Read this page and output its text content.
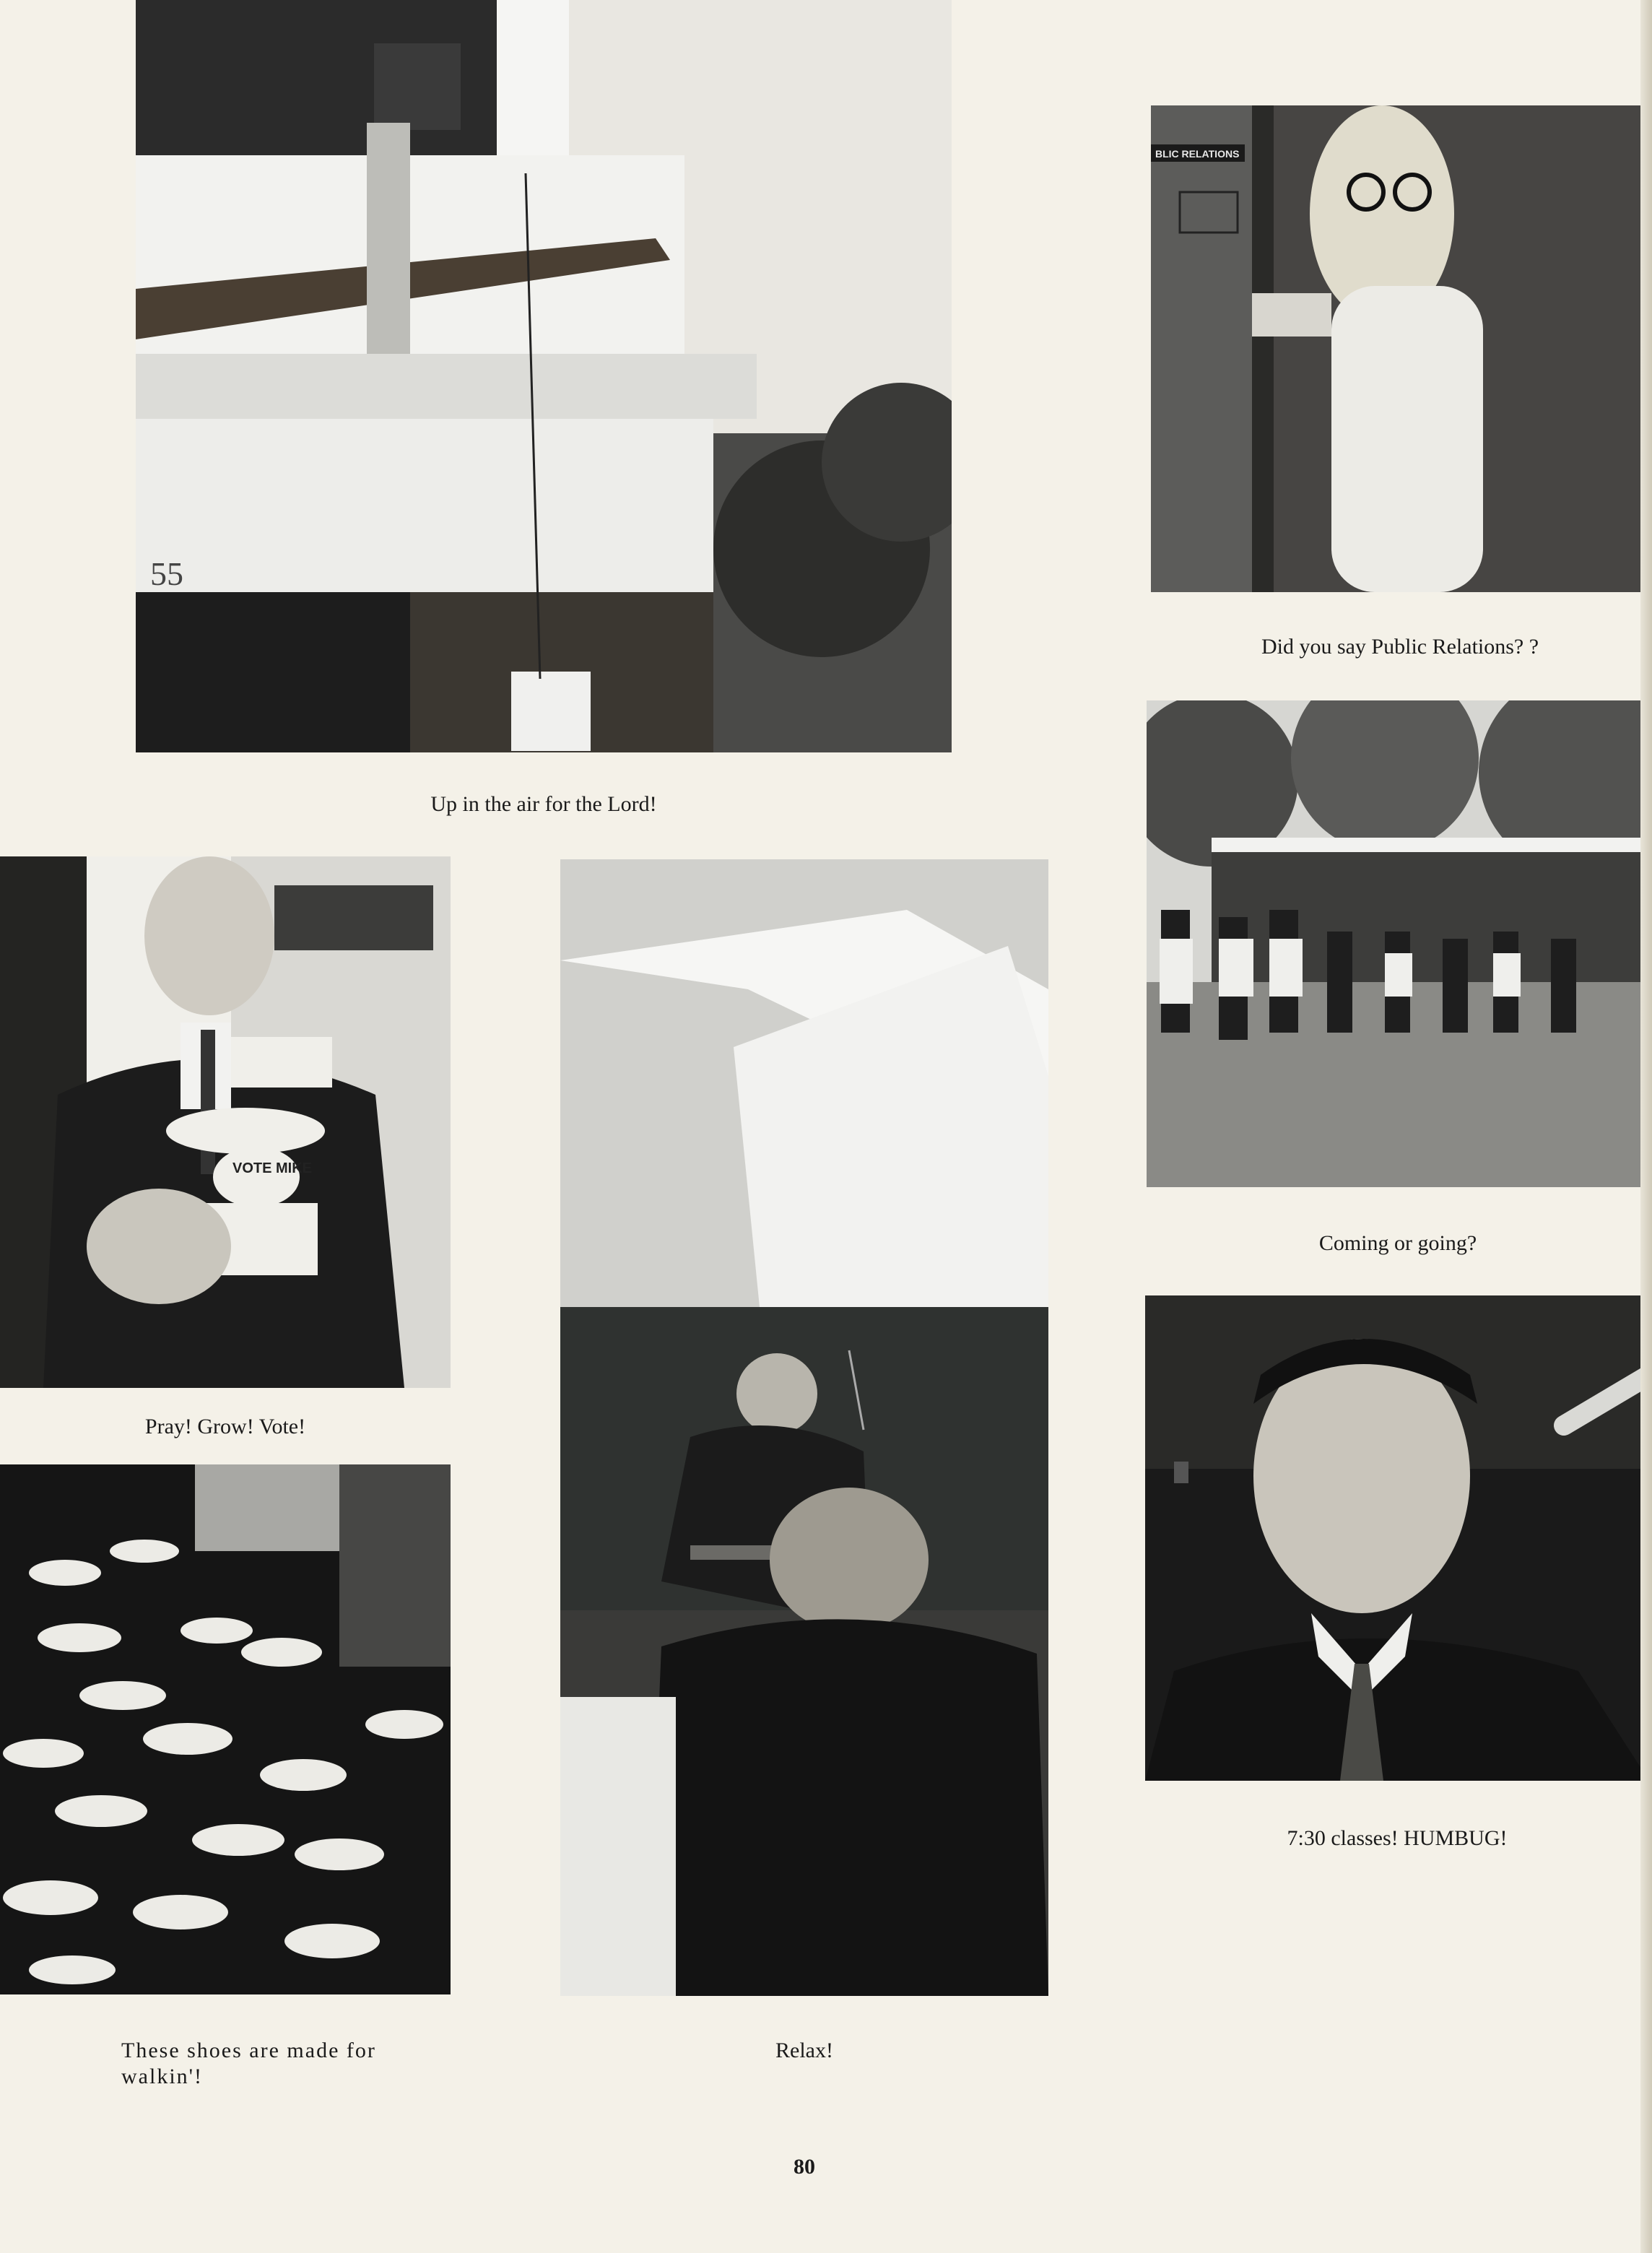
55
Up in the air for the Lord!
BLIC RELATIONS
Did you say Public Relations? ?
Coming or going?
VOTE MIKE
Pray! Grow! Vote!
Relax!
7:30 classes! HUMBUG!
These shoes are made for
walkin'!
80
